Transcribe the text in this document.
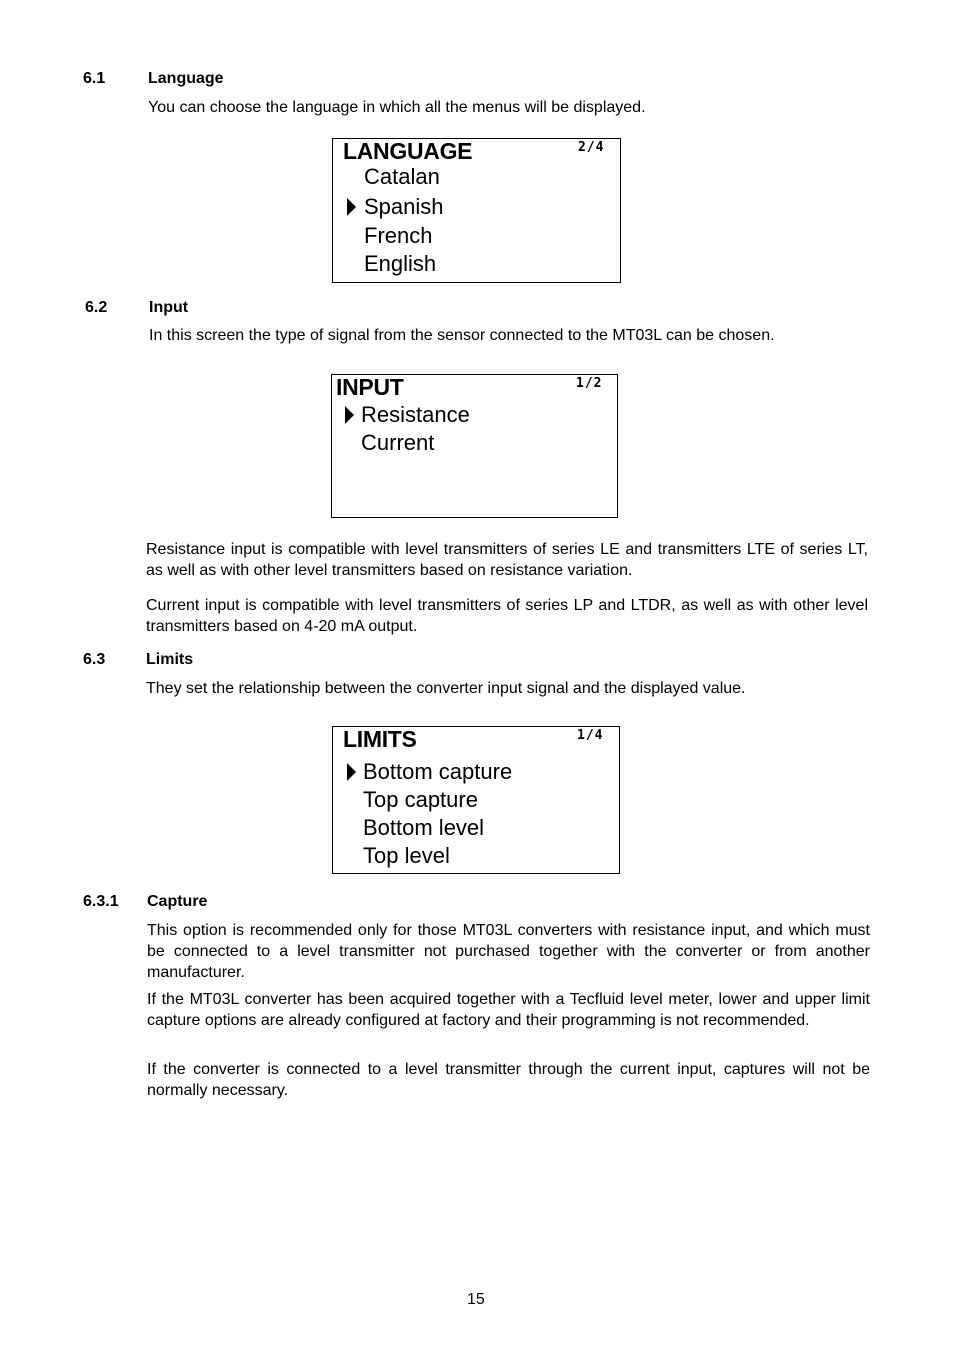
6.1	Language
You can choose the language in which all the menus will be displayed.
LANGUAGE	2/4
Catalan
Spanish
French
English
6.2	Input
In this screen the type of signal from the sensor connected to the MT03L can be chosen.
INPUT	1/2
Resistance
Current
Resistance input is compatible with level transmitters of series LE and transmitters LTE of series LT, as well as with other level transmitters based on resistance variation.
Current input is compatible with level transmitters of series LP and LTDR, as well as with other level transmitters based on 4-20 mA output.
6.3	Limits
They set the relationship between the converter input signal and the displayed value.
LIMITS	1/4
Bottom capture
Top capture
Bottom level
Top level
6.3.1 Capture
This option is recommended only for those MT03L converters with resistance input, and which must be connected to a level transmitter not purchased together with the converter or from another manufacturer.
If the MT03L converter has been acquired together with a Tecfluid level meter, lower and upper limit capture options are already configured at factory and their programming is not recommended.
If the converter is connected to a level transmitter through the current input, captures will not be normally necessary.
15
